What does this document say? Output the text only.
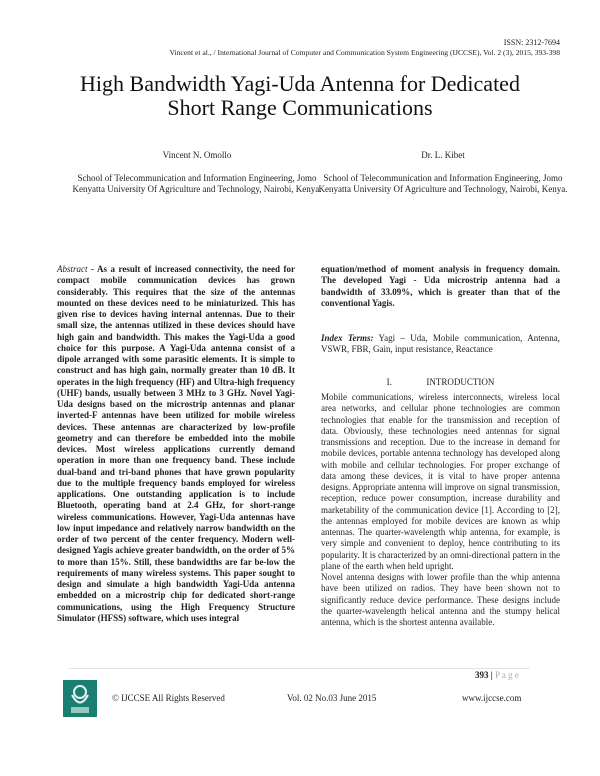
ISSN: 2312-7694
Vincent et al., / International Journal of Computer and Communication System Engineering (IJCCSE), Vol. 2 (3), 2015, 393-398
High Bandwidth Yagi-Uda Antenna for Dedicated
Short Range Communications
Vincent N. Omollo
School of Telecommunication and Information Engineering, Jomo Kenyatta University Of Agriculture and Technology, Nairobi, Kenya.
Dr. L. Kibet
School of Telecommunication and Information Engineering, Jomo Kenyatta University Of Agriculture and Technology, Nairobi, Kenya.
Abstract - As a result of increased connectivity, the need for compact mobile communication devices has grown considerably. This requires that the size of the antennas mounted on these devices need to be miniaturized. This has given rise to devices having internal antennas. Due to their small size, the antennas utilized in these devices should have high gain and bandwidth. This makes the Yagi-Uda a good choice for this purpose. A Yagi-Uda antenna consist of a dipole arranged with some parasitic elements. It is simple to construct and has high gain, normally greater than 10 dB. It operates in the high frequency (HF) and Ultra-high frequency (UHF) bands, usually between 3 MHz to 3 GHz. Novel Yagi-Uda designs based on the microstrip antennas and planar inverted-F antennas have been utilized for mobile wireless devices. These antennas are characterized by low-profile geometry and can therefore be embedded into the mobile devices. Most wireless applications currently demand operation in more than one frequency band. These include dual-band and tri-band phones that have grown popularity due to the multiple frequency bands employed for wireless applications. One outstanding application is to include Bluetooth, operating band at 2.4 GHz, for short-range wireless communications. However, Yagi-Uda antennas have low input impedance and relatively narrow bandwidth on the order of two percent of the center frequency. Modern well-designed Yagis achieve greater bandwidth, on the order of 5% to more than 15%. Still, these bandwidths are far be-low the requirements of many wireless systems. This paper sought to design and simulate a high bandwidth Yagi-Uda antenna embedded on a microstrip chip for dedicated short-range communications, using the High Frequency Structure Simulator (HFSS) software, which uses integral
equation/method of moment analysis in frequency domain. The developed Yagi - Uda microstrip antenna had a bandwidth of 33.09%, which is greater than that of the conventional Yagis.
Index Terms: Yagi – Uda, Mobile communication, Antenna, VSWR, FBR, Gain, input resistance, Reactance
I.	INTRODUCTION
Mobile communications, wireless interconnects, wireless local area networks, and cellular phone technologies are common technologies that enable for the transmission and reception of data. Obviously, these technologies need antennas for signal transmissions and reception. Due to the increase in demand for mobile devices, portable antenna technology has developed along with mobile and cellular technologies. For proper exchange of data among these devices, it is vital to have proper antenna designs. Appropriate antenna will improve on signal transmission, reception, reduce power consumption, increase durability and marketability of the communication device [1]. According to [2], the antennas employed for mobile devices are known as whip antennas. The quarter-wavelength whip antenna, for example, is very simple and convenient to deploy, hence contributing to its popularity. It is characterized by an omni-directional pattern in the plane of the earth when held upright.
Novel antenna designs with lower profile than the whip antenna have been utilized on radios. They have been shown not to significantly reduce device performance. These designs include the quarter-wavelength helical antenna and the stumpy helical antenna, which is the shortest antenna available.
393 | P a g e
© IJCCSE All Rights Reserved	Vol. 02 No.03 June 2015	www.ijccse.com
